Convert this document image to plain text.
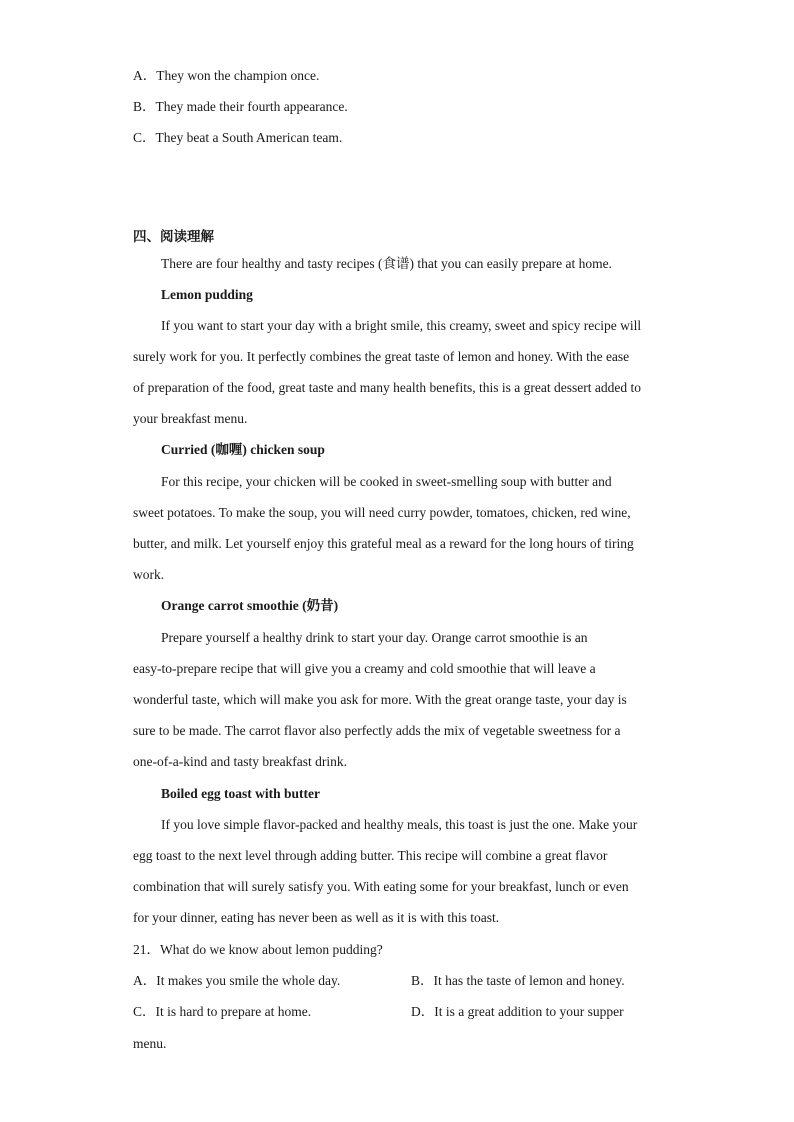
A．They won the champion once.
B．They made their fourth appearance.
C．They beat a South American team.
四、阅读理解
There are four healthy and tasty recipes (食谱) that you can easily prepare at home.
Lemon pudding
If you want to start your day with a bright smile, this creamy, sweet and spicy recipe will
surely work for you. It perfectly combines the great taste of lemon and honey. With the ease
of preparation of the food, great taste and many health benefits, this is a great dessert added to
your breakfast menu.
Curried (咖喱) chicken soup
For this recipe, your chicken will be cooked in sweet-smelling soup with butter and
sweet potatoes. To make the soup, you will need curry powder, tomatoes, chicken, red wine,
butter, and milk. Let yourself enjoy this grateful meal as a reward for the long hours of tiring
work.
Orange carrot smoothie (奶昔)
Prepare yourself a healthy drink to start your day. Orange carrot smoothie is an
easy-to-prepare recipe that will give you a creamy and cold smoothie that will leave a
wonderful taste, which will make you ask for more. With the great orange taste, your day is
sure to be made. The carrot flavor also perfectly adds the mix of vegetable sweetness for a
one-of-a-kind and tasty breakfast drink.
Boiled egg toast with butter
If you love simple flavor-packed and healthy meals, this toast is just the one. Make your
egg toast to the next level through adding butter. This recipe will combine a great flavor
combination that will surely satisfy you. With eating some for your breakfast, lunch or even
for your dinner, eating has never been as well as it is with this toast.
21．What do we know about lemon pudding?
A．It makes you smile the whole day.	B．It has the taste of lemon and honey.
C．It is hard to prepare at home.	D．It is a great addition to your supper
menu.
